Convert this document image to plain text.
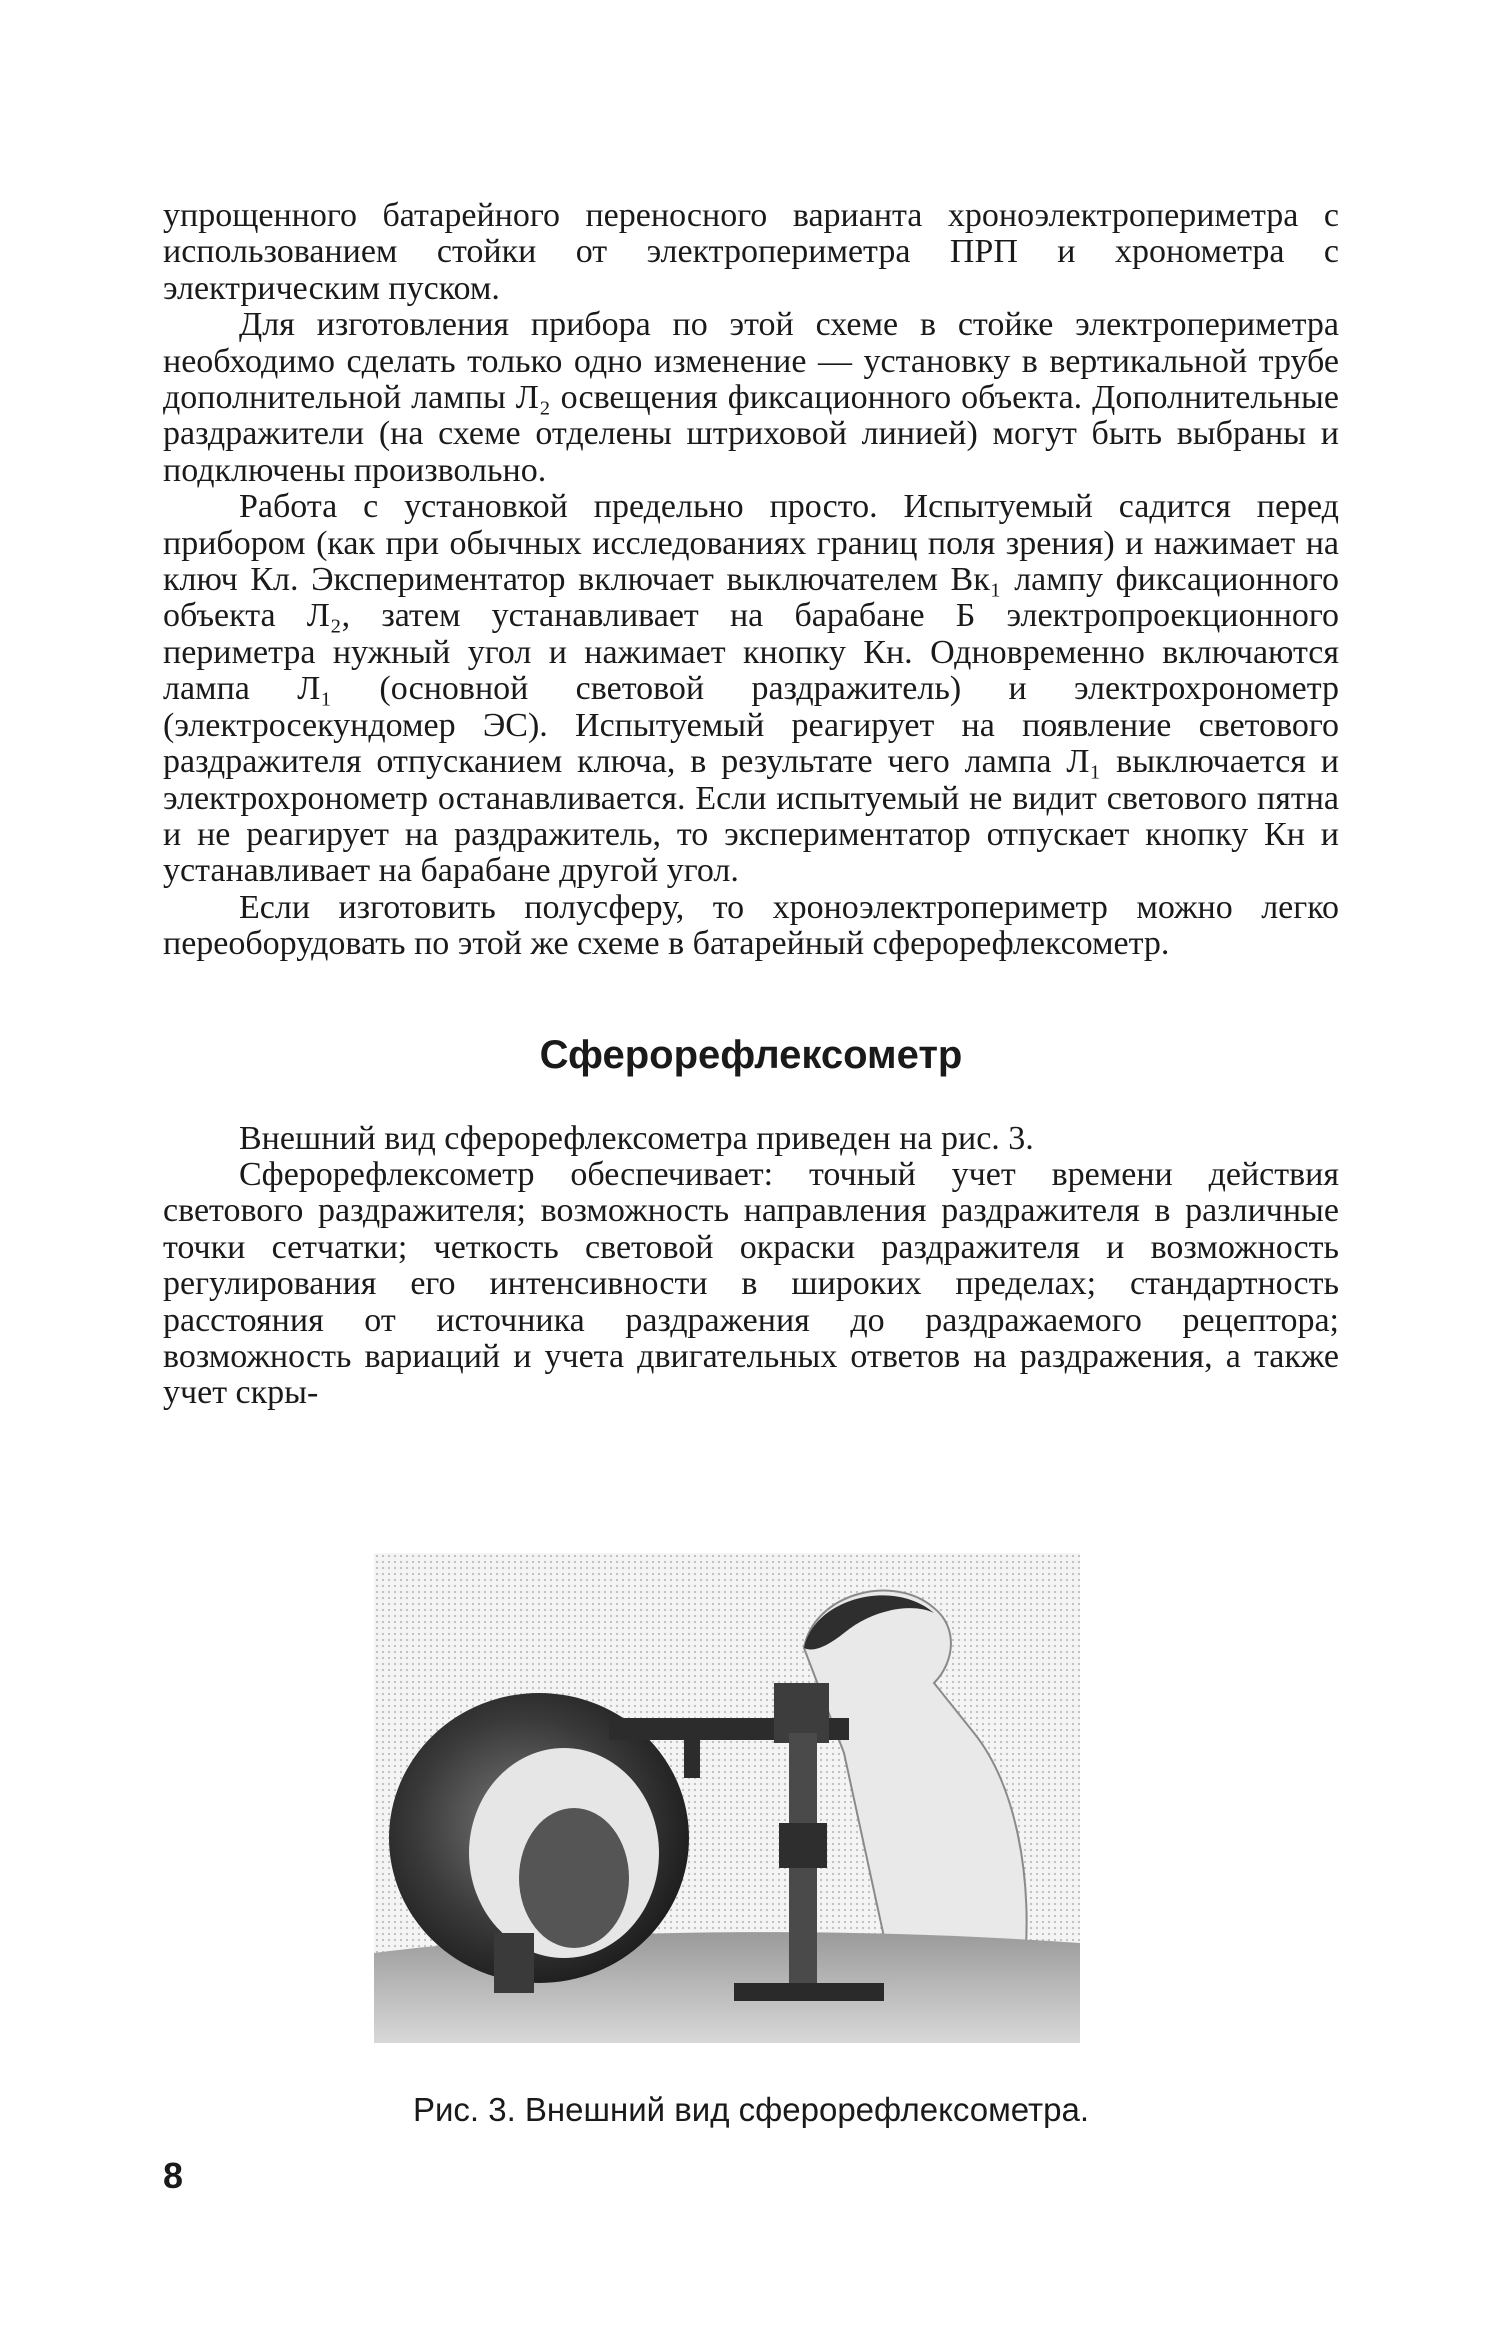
упрощенного батарейного переносного варианта хроноэлектропериметра с использованием стойки от электропериметра ПРП и хронометра с электрическим пуском.

Для изготовления прибора по этой схеме в стойке электропериметра необходимо сделать только одно изменение — установку в вертикальной трубе дополнительной лампы Л₂ освещения фиксационного объекта. Дополнительные раздражители (на схеме отделены штриховой линией) могут быть выбраны и подключены произвольно.

Работа с установкой предельно просто. Испытуемый садится перед прибором (как при обычных исследованиях границ поля зрения) и нажимает на ключ Кл. Экспериментатор включает выключателем Вк₁ лампу фиксационного объекта Л₂, затем устанавливает на барабане Б электропроекционного периметра нужный угол и нажимает кнопку Кн. Одновременно включаются лампа Л₁ (основной световой раздражитель) и электрохронометр (электросекундомер ЭС). Испытуемый реагирует на появление светового раздражителя отпусканием ключа, в результате чего лампа Л₁ выключается и электрохронометр останавливается. Если испытуемый не видит светового пятна и не реагирует на раздражитель, то экспериментатор отпускает кнопку Кн и устанавливает на барабане другой угол.

Если изготовить полусферу, то хроноэлектропериметр можно легко переоборудовать по этой же схеме в батарейный сферорефлексометр.

Сферорефлексометр

Внешний вид сферорефлексометра приведен на рис. 3.

Сферорефлексометр обеспечивает: точный учет времени действия светового раздражителя; возможность направления раздражителя в различные точки сетчатки; четкость световой окраски раздражителя и возможность регулирования его интенсивности в широких пределах; стандартность расстояния от источника раздражения до раздражаемого рецептора; возможность вариаций и учета двигательных ответов на раздражения, а также учет скры-

Рис. 3. Внешний вид сферорефлексометра.

8
